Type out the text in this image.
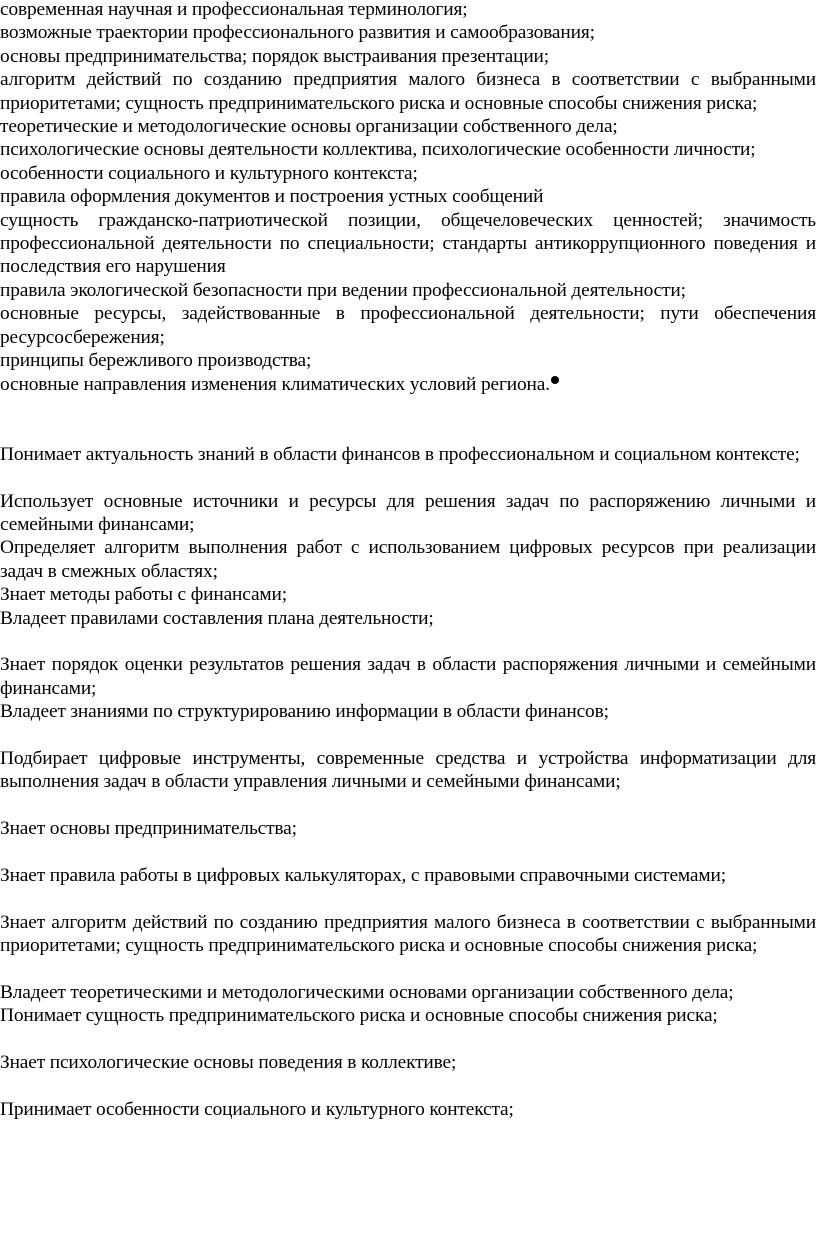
современная научная и профессиональная терминология;

возможные траектории профессионального развития и самообразования;

основы предпринимательства; порядок выстраивания презентации;

алгоритм действий по созданию предприятия малого бизнеса в соответствии с выбранными приоритетами; сущность предпринимательского риска и основные способы снижения риска;

теоретические и методологические основы организации собственного дела;

психологические основы деятельности коллектива, психологические особенности личности;

особенности социального и культурного контекста;

правила оформления документов и построения устных сообщений

сущность гражданско-патриотической позиции, общечеловеческих ценностей; значимость профессиональной деятельности по специальности; стандарты антикоррупционного поведения и последствия его нарушения

правила экологической безопасности при ведении профессиональной деятельности;

основные ресурсы, задействованные в профессиональной деятельности; пути обеспечения ресурсосбережения;

принципы бережливого производства;

основные направления изменения климатических условий региона.

Понимает актуальность знаний в области финансов в профессиональном и социальном контексте;

Использует основные источники и ресурсы для решения задач по распоряжению личными и семейными финансами;

Определяет алгоритм выполнения работ с использованием цифровых ресурсов при реализации задач в смежных областях;

Знает методы работы с финансами;

Владеет правилами составления плана деятельности;

Знает порядок оценки результатов решения задач в области распоряжения личными и семейными финансами;

Владеет знаниями по структурированию информации в области финансов;

Подбирает цифровые инструменты, современные средства и устройства информатизации для выполнения задач в области управления личными и семейными финансами;

Знает основы предпринимательства;

Знает правила работы в цифровых калькуляторах, с правовыми справочными системами;

Знает алгоритм действий по созданию предприятия малого бизнеса в соответствии с выбранными приоритетами; сущность предпринимательского риска и основные способы снижения риска;

Владеет теоретическими и методологическими основами организации собственного дела;

Понимает сущность предпринимательского риска и основные способы снижения риска;

Знает психологические основы поведения в коллективе;

Принимает особенности социального и культурного контекста;
